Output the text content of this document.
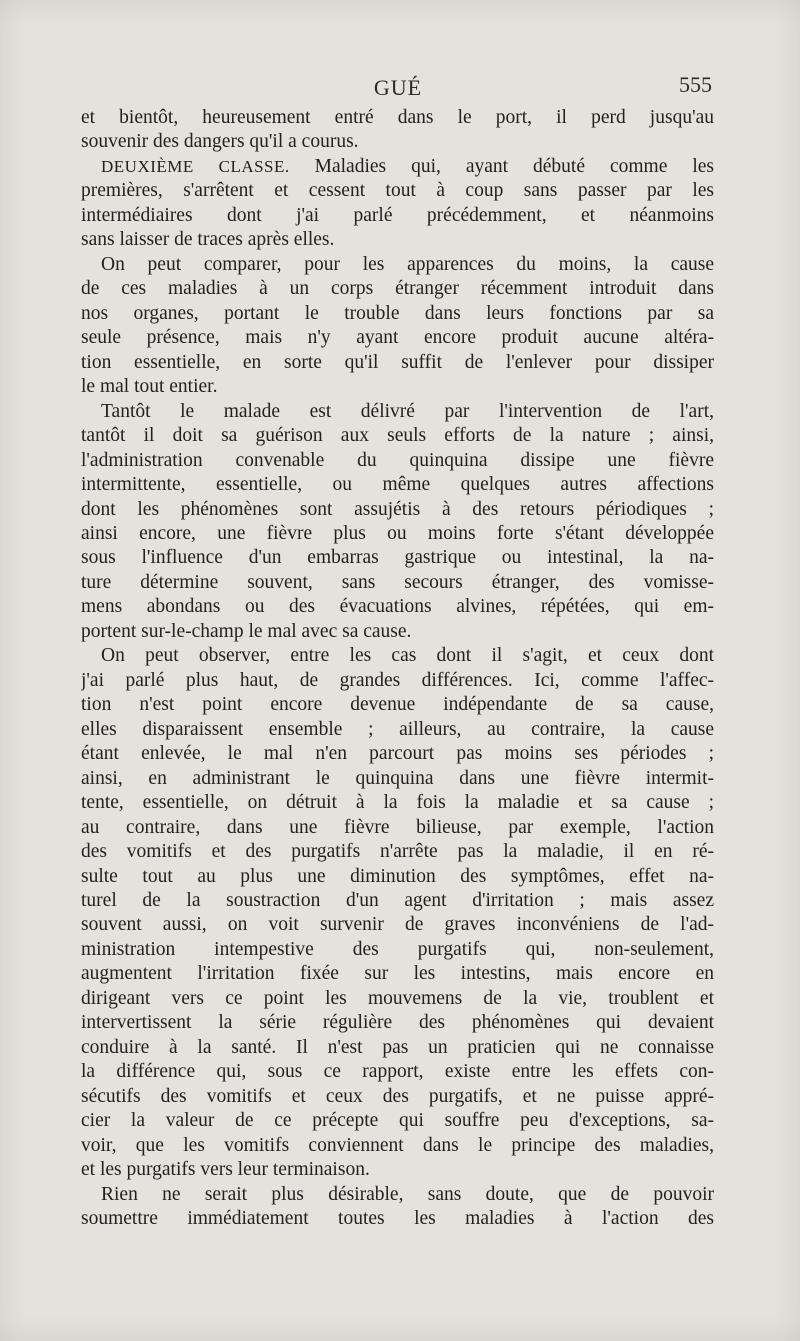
GUÉ	555
et bientôt, heureusement entré dans le port, il perd jusqu'au
souvenir des dangers qu'il a courus.
DEUXIÈME CLASSE. Maladies qui, ayant débuté comme les
premières, s'arrêtent et cessent tout à coup sans passer par les
intermédiaires dont j'ai parlé précédemment, et néanmoins
sans laisser de traces après elles.
On peut comparer, pour les apparences du moins, la cause
de ces maladies à un corps étranger récemment introduit dans
nos organes, portant le trouble dans leurs fonctions par sa
seule présence, mais n'y ayant encore produit aucune altéra-
tion essentielle, en sorte qu'il suffit de l'enlever pour dissiper
le mal tout entier.
Tantôt le malade est délivré par l'intervention de l'art,
tantôt il doit sa guérison aux seuls efforts de la nature ; ainsi,
l'administration convenable du quinquina dissipe une fièvre
intermittente, essentielle, ou même quelques autres affections
dont les phénomènes sont assujétis à des retours périodiques ;
ainsi encore, une fièvre plus ou moins forte s'étant développée
sous l'influence d'un embarras gastrique ou intestinal, la na-
ture détermine souvent, sans secours étranger, des vomisse-
mens abondans ou des évacuations alvines, répétées, qui em-
portent sur-le-champ le mal avec sa cause.
On peut observer, entre les cas dont il s'agit, et ceux dont
j'ai parlé plus haut, de grandes différences. Ici, comme l'affec-
tion n'est point encore devenue indépendante de sa cause,
elles disparaissent ensemble ; ailleurs, au contraire, la cause
étant enlevée, le mal n'en parcourt pas moins ses périodes ;
ainsi, en administrant le quinquina dans une fièvre intermit-
tente, essentielle, on détruit à la fois la maladie et sa cause ;
au contraire, dans une fièvre bilieuse, par exemple, l'action
des vomitifs et des purgatifs n'arrête pas la maladie, il en ré-
sulte tout au plus une diminution des symptômes, effet na-
turel de la soustraction d'un agent d'irritation ; mais assez
souvent aussi, on voit survenir de graves inconvéniens de l'ad-
ministration intempestive des purgatifs qui, non-seulement,
augmentent l'irritation fixée sur les intestins, mais encore en
dirigeant vers ce point les mouvemens de la vie, troublent et
intervertissent la série régulière des phénomènes qui devaient
conduire à la santé. Il n'est pas un praticien qui ne connaisse
la différence qui, sous ce rapport, existe entre les effets con-
sécutifs des vomitifs et ceux des purgatifs, et ne puisse appré-
cier la valeur de ce précepte qui souffre peu d'exceptions, sa-
voir, que les vomitifs conviennent dans le principe des maladies,
et les purgatifs vers leur terminaison.
Rien ne serait plus désirable, sans doute, que de pouvoir
soumettre immédiatement toutes les maladies à l'action des
